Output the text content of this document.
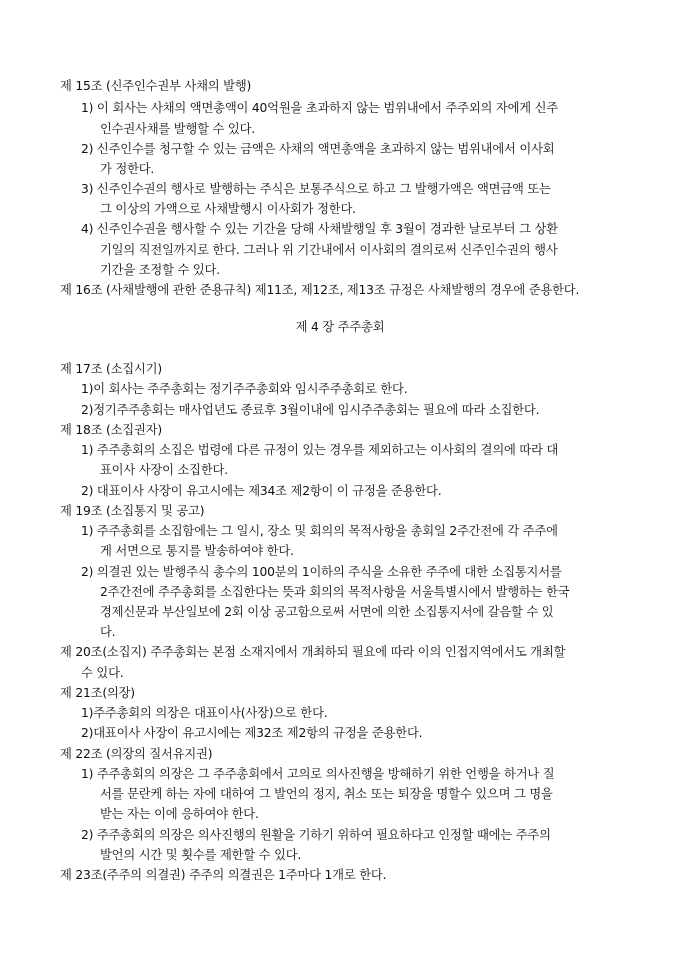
제 15조 (신주인수권부 사채의 발행)
1) 이 회사는 사채의 액면총액이 40억원을 초과하지 않는 범위내에서 주주외의 자에게 신주
인수권사채를 발행할 수 있다.
2) 신주인수를 청구할 수 있는 금액은 사채의 액면총액을 초과하지 않는 범위내에서 이사회
가 정한다.
3) 신주인수권의 행사로 발행하는 주식은 보통주식으로 하고 그 발행가액은 액면금액 또는
그 이상의 가액으로 사채발행시 이사회가 정한다.
4) 신주인수권을 행사할 수 있는 기간을 당해 사채발행일 후 3월이 경과한 날로부터 그 상환
기일의 직전일까지로 한다. 그러나 위 기간내에서 이사회의 결의로써 신주인수권의 행사
기간을 조정할 수 있다.
제 16조 (사채발행에 관한 준용규칙) 제11조, 제12조, 제13조 규정은 사채발행의 경우에 준용한다.
제 4 장 주주총회
제 17조 (소집시기)
1)이 회사는 주주총회는 정기주주총회와 임시주주총회로 한다.
2)정기주주총회는 매사업년도 종료후 3월이내에 임시주주총회는 필요에 따라 소집한다.
제 18조 (소집권자)
1) 주주총회의 소집은 법령에 다른 규정이 있는 경우를 제외하고는 이사회의 결의에 따라 대
표이사 사장이 소집한다.
2) 대표이사 사장이 유고시에는 제34조 제2항이 이 규정을 준용한다.
제 19조 (소집통지 및 공고)
1) 주주총회를 소집함에는 그 일시, 장소 및 회의의 목적사항을 총회일 2주간전에 각 주주에
게 서면으로 통지를 발송하여야 한다.
2) 의결권 있는 발행주식 총수의 100분의 1이하의 주식을 소유한 주주에 대한 소집통지서를
2주간전에 주주총회를 소집한다는 뜻과 회의의 목적사항을 서울특별시에서 발행하는 한국
경제신문과 부산일보에 2회 이상 공고함으로써 서면에 의한 소집통지서에 갈음할 수 있
다.
제 20조(소집지) 주주총회는 본점 소재지에서 개최하되 필요에 따라 이의 인접지역에서도 개최할
수 있다.
제 21조(의장)
1)주주총회의 의장은 대표이사(사장)으로 한다.
2)대표이사 사장이 유고시에는 제32조 제2항의 규정을 준용한다.
제 22조 (의장의 질서유지권)
1) 주주총회의 의장은 그 주주총회에서 고의로 의사진행을 방해하기 위한 언행을 하거나 질
서를 문란케 하는 자에 대하여 그 발언의 정지, 취소 또는 퇴장을 명할수 있으며 그 명을
받는 자는 이에 응하여야 한다.
2) 주주총회의 의장은 의사진행의 원활을 기하기 위하여 필요하다고 인정할 때에는 주주의
발언의 시간 및 횟수를 제한할 수 있다.
제 23조(주주의 의결권) 주주의 의결권은 1주마다 1개로 한다.
